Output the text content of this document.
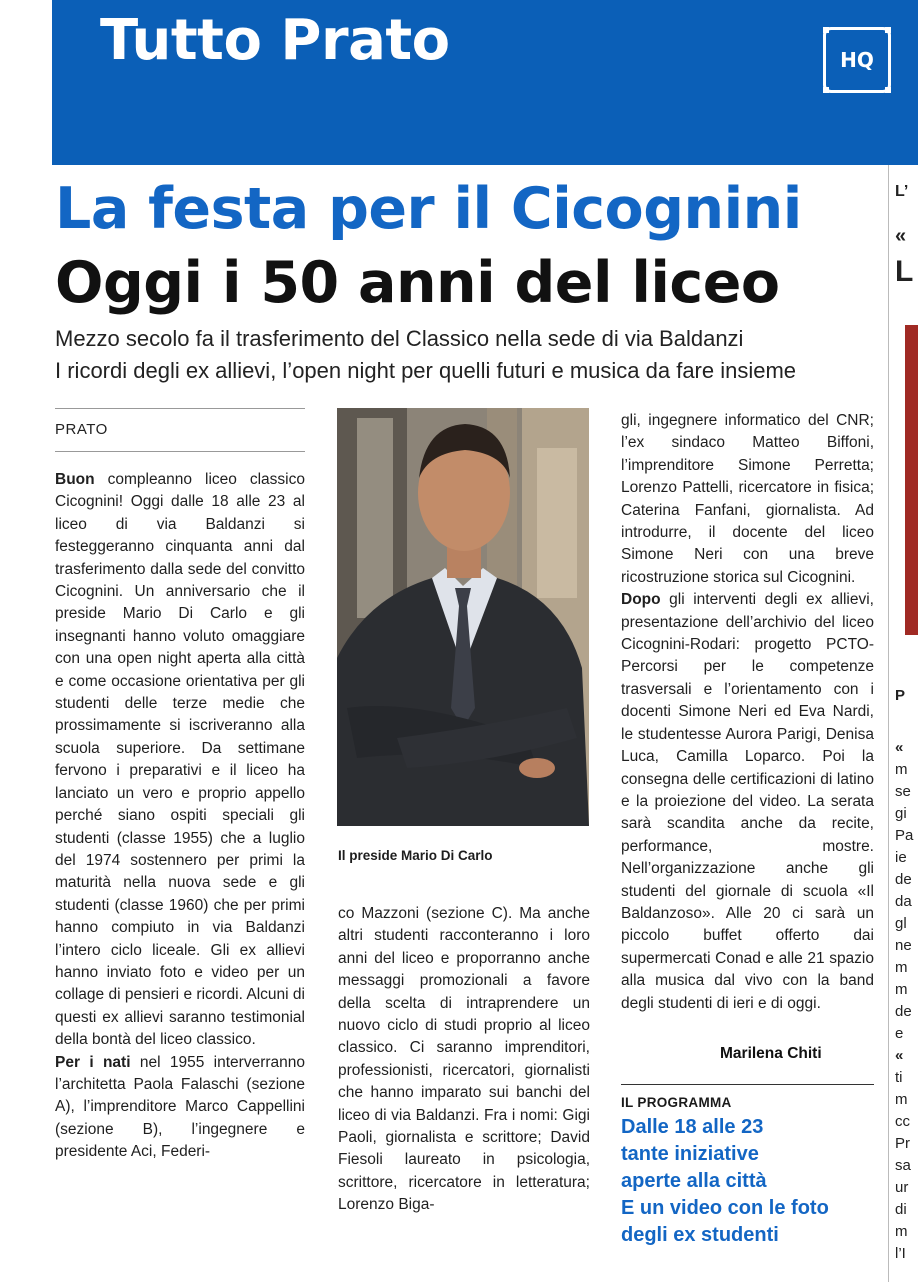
Tutto Prato	HQ
La festa per il Cicognini
Oggi i 50 anni del liceo
Mezzo secolo fa il trasferimento del Classico nella sede di via Baldanzi
I ricordi degli ex allievi, l’open night per quelli futuri e musica da fare insieme
PRATO

Buon compleanno liceo classico Cicognini! Oggi dalle 18 alle 23 al liceo di via Baldanzi si festeggeranno cinquanta anni dal trasferimento dalla sede del convitto Cicognini. Un anniversario che il preside Mario Di Carlo e gli insegnanti hanno voluto omaggiare con una open night aperta alla città e come occasione orientativa per gli studenti delle terze medie che prossimamente si iscriveranno alla scuola superiore. Da settimane fervono i preparativi e il liceo ha lanciato un vero e proprio appello perché siano ospiti speciali gli studenti (classe 1955) che a luglio del 1974 sostennero per primi la maturità nella nuova sede e gli studenti (classe 1960) che per primi hanno compiuto in via Baldanzi l’intero ciclo liceale. Gli ex allievi hanno inviato foto e video per un collage di pensieri e ricordi. Alcuni di questi ex allievi saranno testimonial della bontà del liceo classico.

Per i nati nel 1955 interverranno l’architetta Paola Falaschi (sezione A), l’imprenditore Marco Cappellini (sezione B), l’ingegnere e presidente Aci, Federi-

Il preside Mario Di Carlo

co Mazzoni (sezione C). Ma anche altri studenti racconteranno i loro anni del liceo e proporranno anche messaggi promozionali a favore della scelta di intraprendere un nuovo ciclo di studi proprio al liceo classico. Ci saranno imprenditori, professionisti, ricercatori, giornalisti che hanno imparato sui banchi del liceo di via Baldanzi. Fra i nomi: Gigi Paoli, giornalista e scrittore; David Fiesoli laureato in psicologia, scrittore, ricercatore in letteratura; Lorenzo Biga-

gli, ingegnere informatico del CNR; l’ex sindaco Matteo Biffoni, l’imprenditore Simone Perretta; Lorenzo Pattelli, ricercatore in fisica; Caterina Fanfani, giornalista. Ad introdurre, il docente del liceo Simone Neri con una breve ricostruzione storica sul Cicognini.

Dopo gli interventi degli ex allievi, presentazione dell’archivio del liceo Cicognini-Rodari: progetto PCTO-Percorsi per le competenze trasversali e l’orientamento con i docenti Simone Neri ed Eva Nardi, le studentesse Aurora Parigi, Denisa Luca, Camilla Loparco. Poi la consegna delle certificazioni di latino e la proiezione del video. La serata sarà scandita anche da recite, performance, mostre. Nell’organizzazione anche gli studenti del giornale di scuola «Il Baldanzoso». Alle 20 ci sarà un piccolo buffet offerto dai supermercati Conad e alle 21 spazio alla musica dal vivo con la band degli studenti di ieri e di oggi.

Marilena Chiti
IL PROGRAMMA
Dalle 18 alle 23
tante iniziative
aperte alla città
E un video con le foto
degli ex studenti
L’
«
L
P
«
m
se
gi
Pa
ie
de
da
gl
ne
m
m
de
e
«
ti
m
cc
Pr
sa
ur
di
m
l’I
